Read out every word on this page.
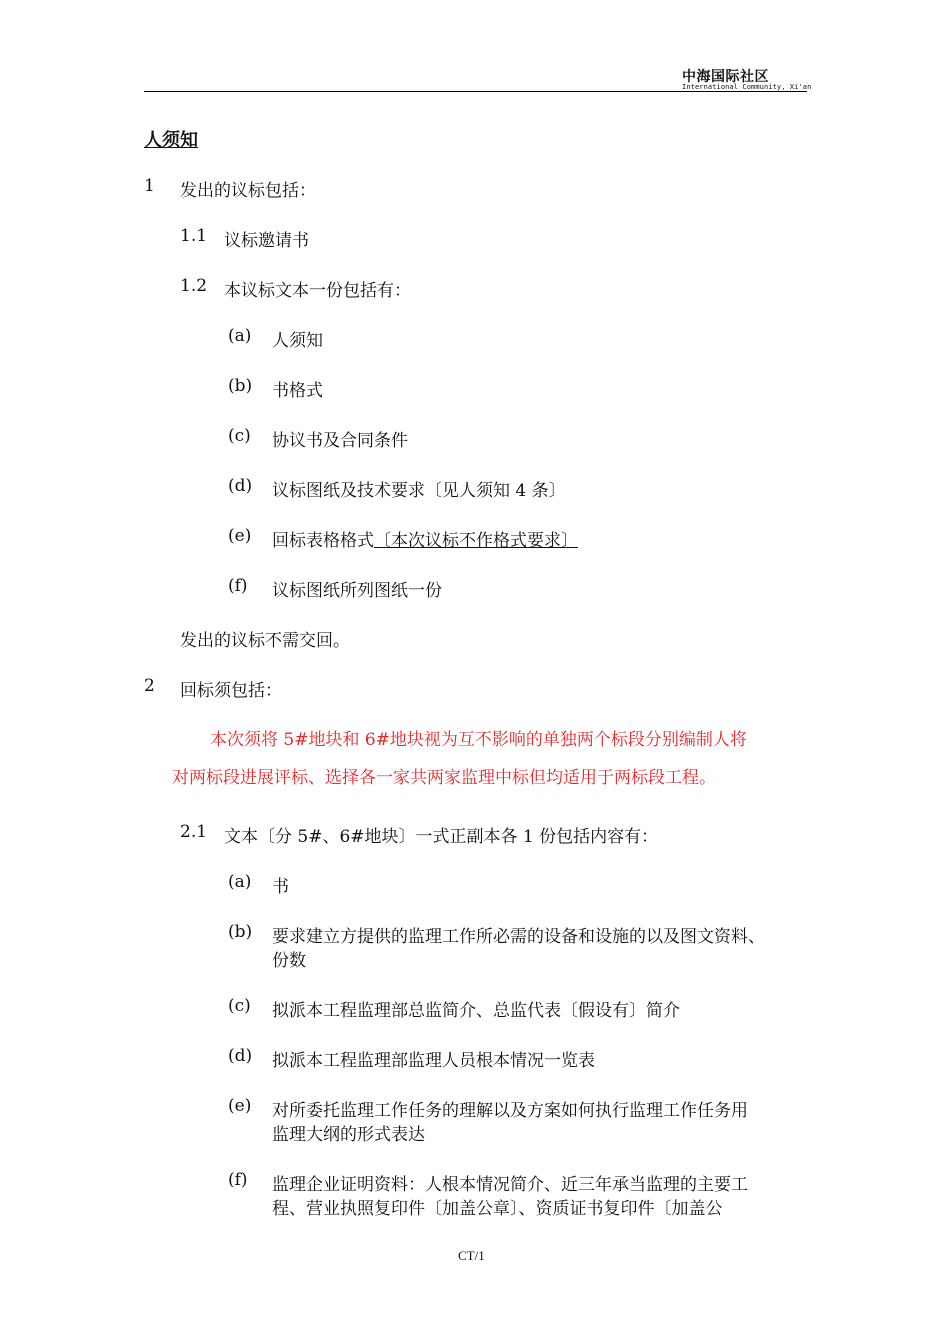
中海国际社区
International Community, Xi'an
人须知
1 发出的议标包括：
1.1 议标邀请书
1.2 本议标文本一份包括有：
(a) 人须知
(b) 书格式
(c) 协议书及合同条件
(d) 议标图纸及技术要求〔见人须知 4 条〕
(e) 回标表格格式〔本次议标不作格式要求〕
(f) 议标图纸所列图纸一份
发出的议标不需交回。
2 回标须包括：
本次须将 5#地块和 6#地块视为互不影响的单独两个标段分别编制人将
对两标段进展评标、选择各一家共两家监理中标但均适用于两标段工程。
2.1 文本〔分 5#、6#地块〕一式正副本各 1 份包括内容有：
(a) 书
(b) 要求建立方提供的监理工作所必需的设备和设施的以及图文资料、
份数
(c) 拟派本工程监理部总监简介、总监代表〔假设有〕简介
(d) 拟派本工程监理部监理人员根本情况一览表
(e) 对所委托监理工作任务的理解以及方案如何执行监理工作任务用
监理大纲的形式表达
(f) 监理企业证明资料：人根本情况简介、近三年承当监理的主要工
程、营业执照复印件〔加盖公章〕、资质证书复印件〔加盖公
CT/1
